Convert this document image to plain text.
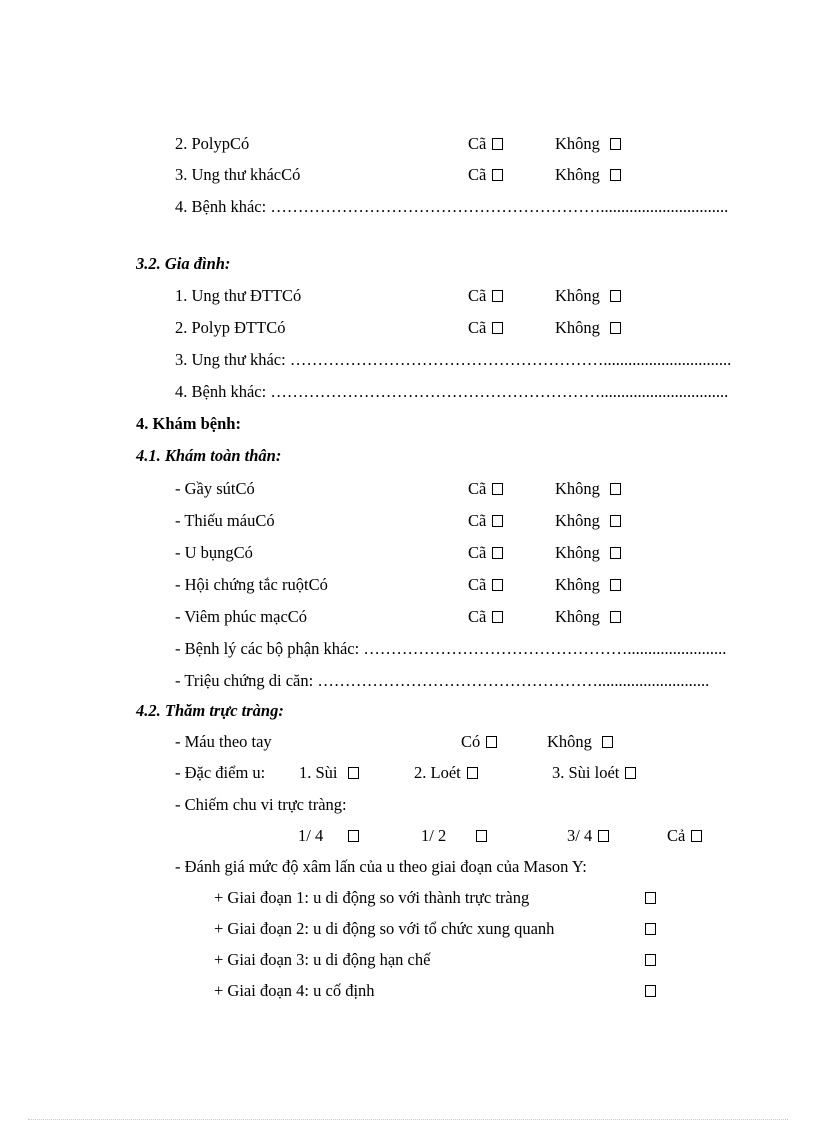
2. PolypCó	Cã	Không
3. Ung thư khácCó	Cã	Không
4. Bệnh khác: ……………………………………………………...............................
3.2. Gia đình:
1. Ung thư ĐTTCó	Cã	Không
2. Polyp ĐTTCó	Cã	Không
3. Ung thư khác: …………………………………………………...............................
4. Bệnh khác: ……………………………………………………...............................
4. Khám bệnh:
4.1. Khám toàn thân:
- Gầy sútCó	Cã	Không
- Thiếu máuCó	Cã	Không
- U bụngCó	Cã	Không
- Hội chứng tắc ruộtCó	Cã	Không
- Viêm phúc mạcCó	Cã	Không
- Bệnh lý các bộ phận khác: …………………………………………........................
- Triệu chứng di căn: ……………………………………………...........................
4.2. Thăm trực tràng:
- Máu theo tay	Có	Không
- Đặc điểm u: 1. Sùi	2. Loét	3. Sùi loét
- Chiếm chu vi trực tràng:
1/ 4	1/ 2	3/ 4	Cả
- Đánh giá mức độ xâm lấn của u theo giai đoạn của Mason Y:
+ Giai đoạn 1: u di động so với thành trực tràng
+ Giai đoạn 2: u di động so với tổ chức xung quanh
+ Giai đoạn 3: u di động hạn chế
+ Giai đoạn 4: u cố định
